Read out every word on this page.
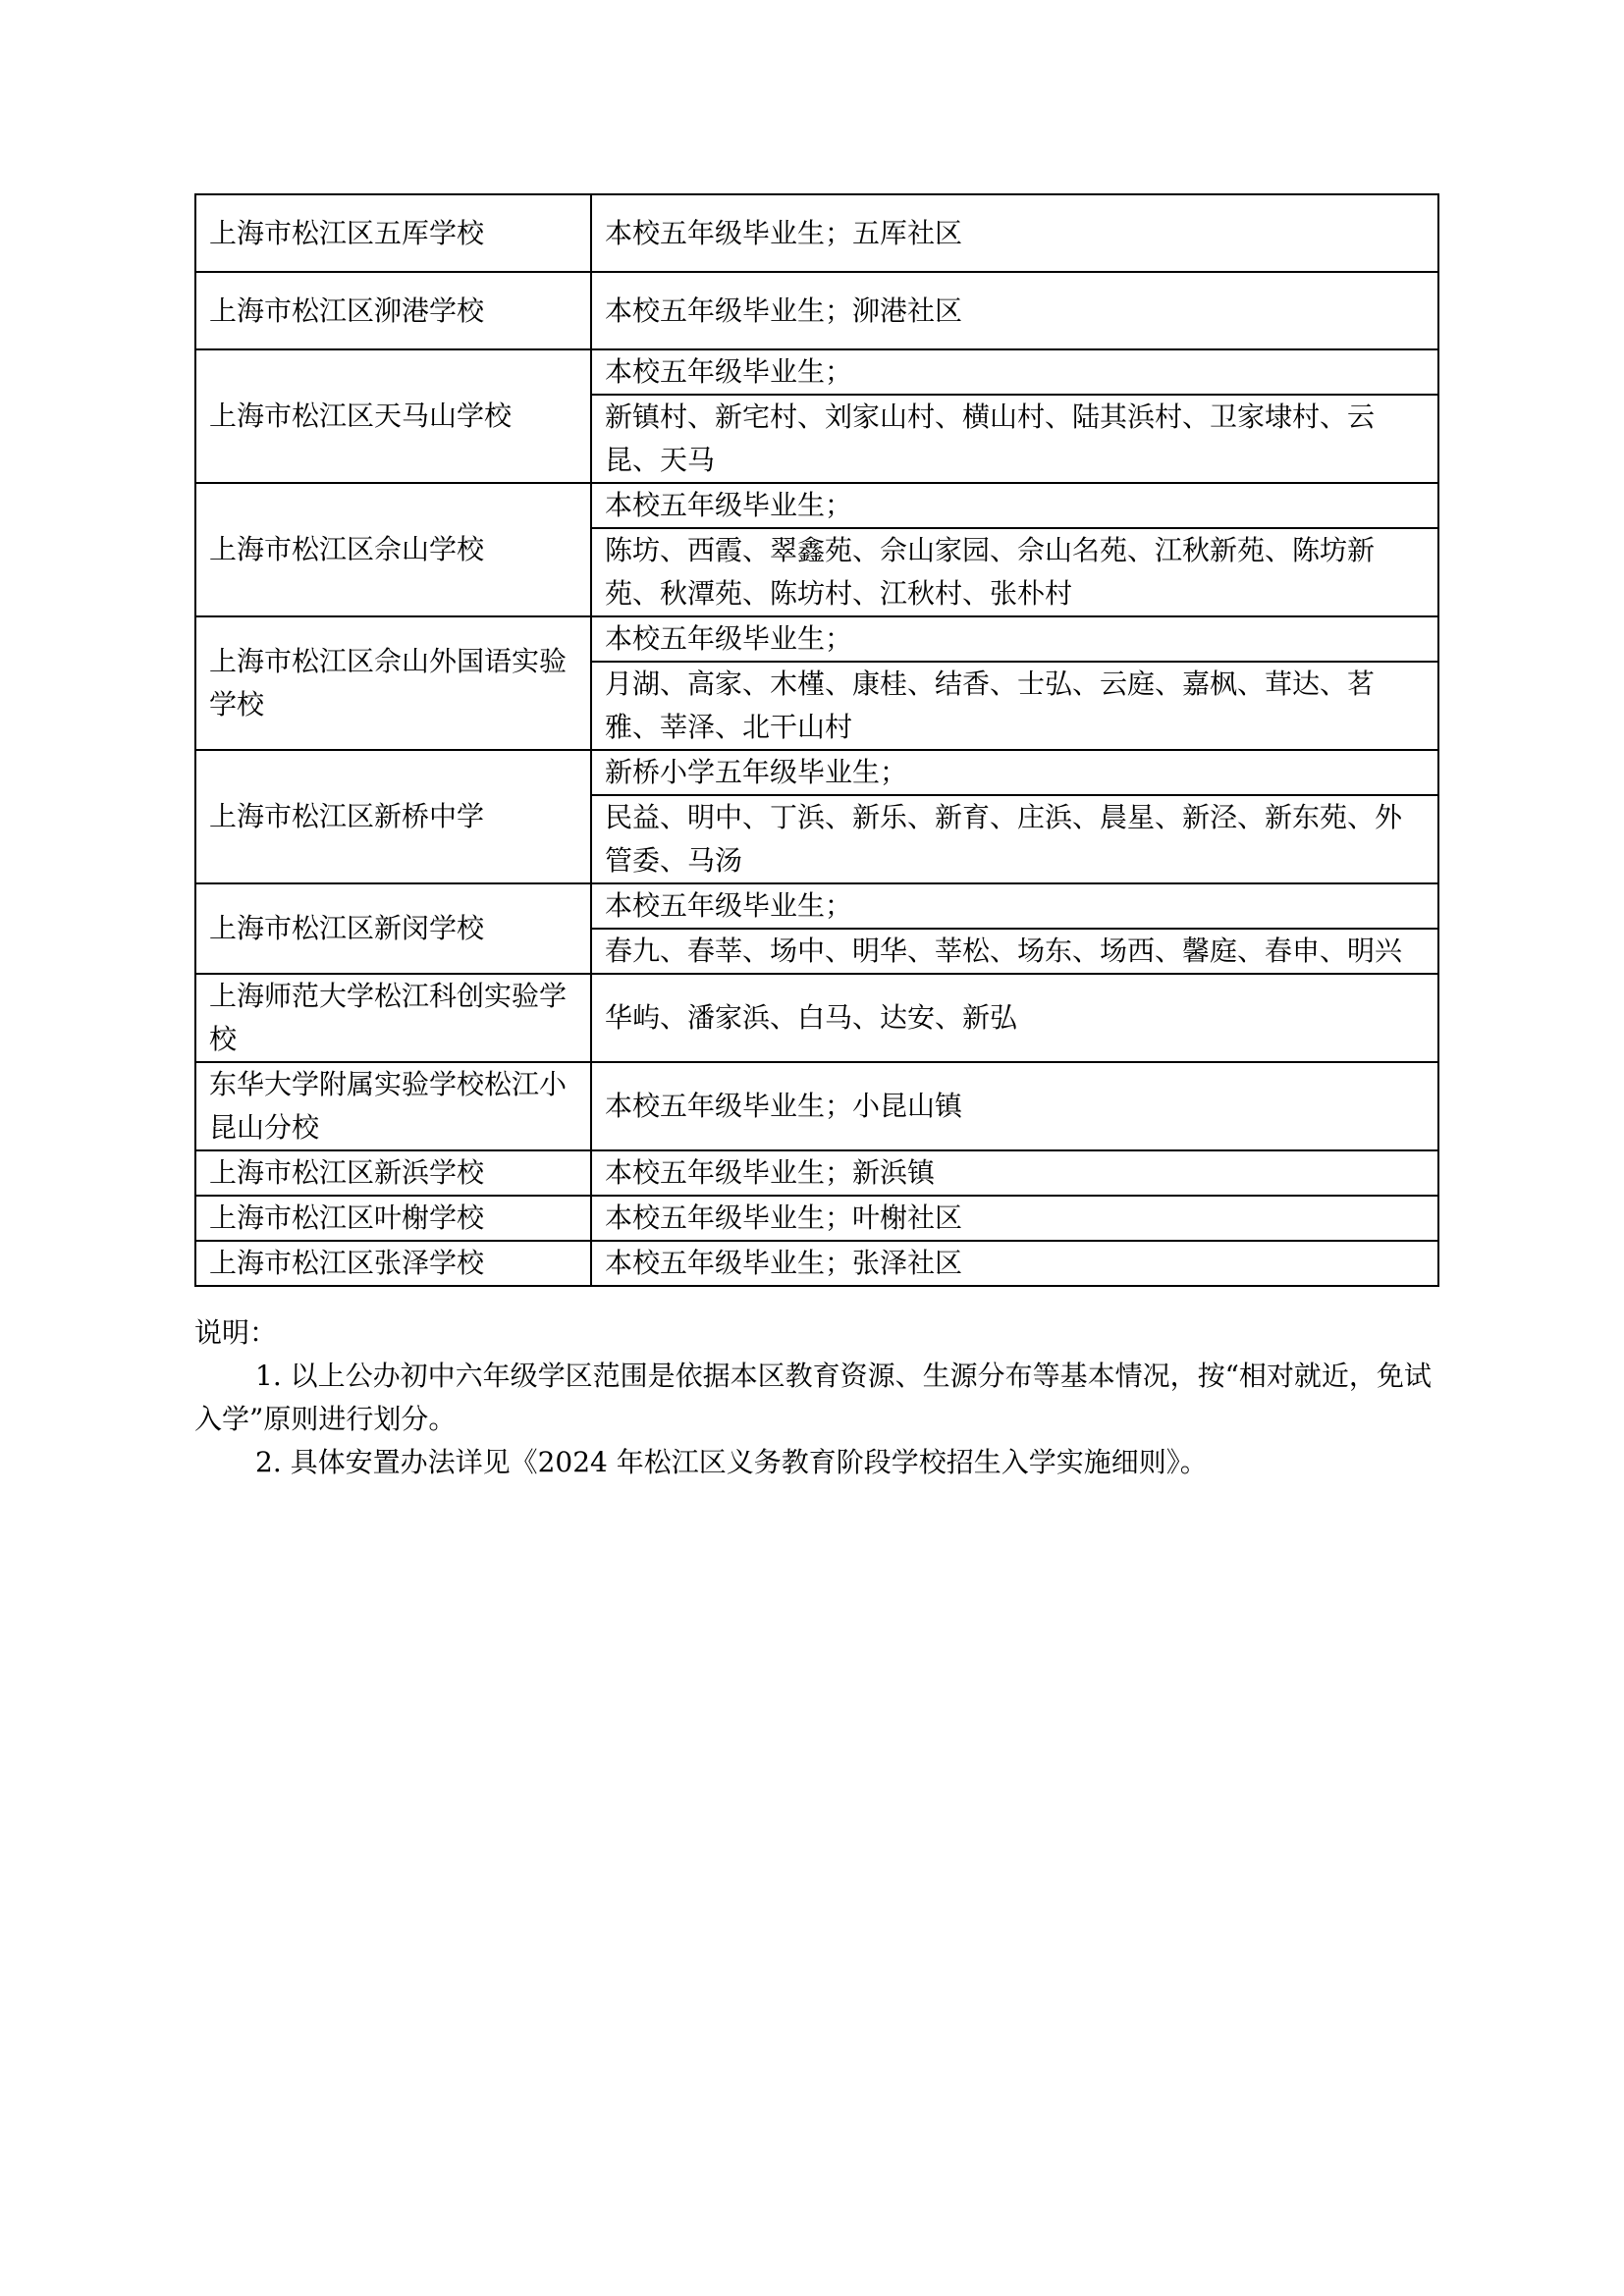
上海市松江区五厍学校	本校五年级毕业生；五厍社区
上海市松江区泖港学校	本校五年级毕业生；泖港社区
上海市松江区天马山学校	本校五年级毕业生；
	新镇村、新宅村、刘家山村、横山村、陆其浜村、卫家埭村、云昆、天马
上海市松江区佘山学校	本校五年级毕业生；
	陈坊、西霞、翠鑫苑、佘山家园、佘山名苑、江秋新苑、陈坊新苑、秋潭苑、陈坊村、江秋村、张朴村
上海市松江区佘山外国语实验学校	本校五年级毕业生；
	月湖、高家、木槿、康桂、结香、士弘、云庭、嘉枫、茸达、茗雅、莘泽、北干山村
上海市松江区新桥中学	新桥小学五年级毕业生；
	民益、明中、丁浜、新乐、新育、庄浜、晨星、新泾、新东苑、外管委、马汤
上海市松江区新闵学校	本校五年级毕业生；
	春九、春莘、场中、明华、莘松、场东、场西、馨庭、春申、明兴
上海师范大学松江科创实验学校	华屿、潘家浜、白马、达安、新弘
东华大学附属实验学校松江小昆山分校	本校五年级毕业生；小昆山镇
上海市松江区新浜学校	本校五年级毕业生；新浜镇
上海市松江区叶榭学校	本校五年级毕业生；叶榭社区
上海市松江区张泽学校	本校五年级毕业生；张泽社区

说明：

1. 以上公办初中六年级学区范围是依据本区教育资源、生源分布等基本情况，按“相对就近，免试入学”原则进行划分。

2. 具体安置办法详见《2024 年松江区义务教育阶段学校招生入学实施细则》。
